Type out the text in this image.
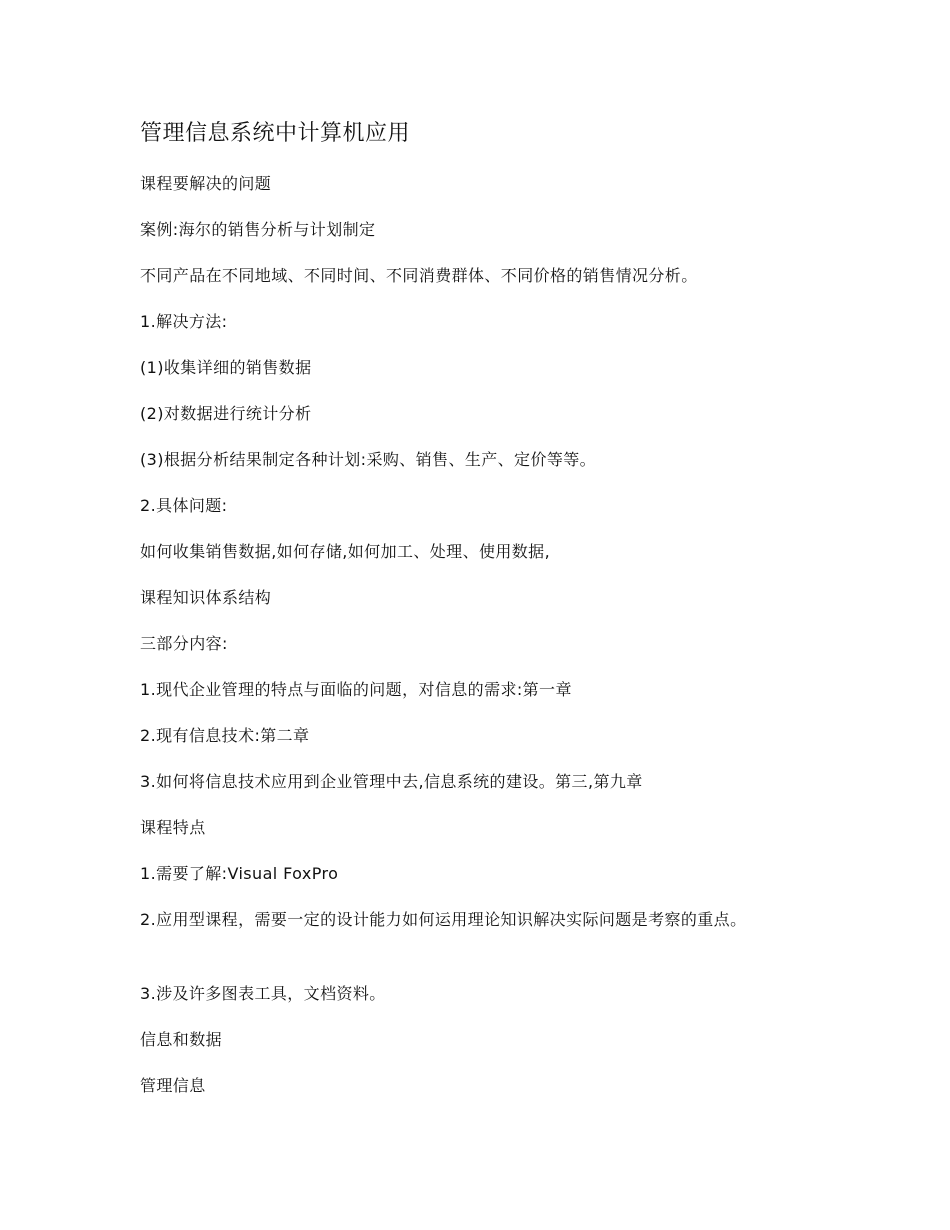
管理信息系统中计算机应用
课程要解决的问题
案例:海尔的销售分析与计划制定
不同产品在不同地域、不同时间、不同消费群体、不同价格的销售情况分析。
1.解决方法:
(1)收集详细的销售数据
(2)对数据进行统计分析
(3)根据分析结果制定各种计划:采购、销售、生产、定价等等。
2.具体问题:
如何收集销售数据,如何存储,如何加工、处理、使用数据,
课程知识体系结构
三部分内容:
1.现代企业管理的特点与面临的问题，对信息的需求:第一章
2.现有信息技术:第二章
3.如何将信息技术应用到企业管理中去,信息系统的建设。第三,第九章
课程特点
1.需要了解:Visual FoxPro
2.应用型课程，需要一定的设计能力如何运用理论知识解决实际问题是考察的重点。
3.涉及许多图表工具，文档资料。
信息和数据
管理信息
